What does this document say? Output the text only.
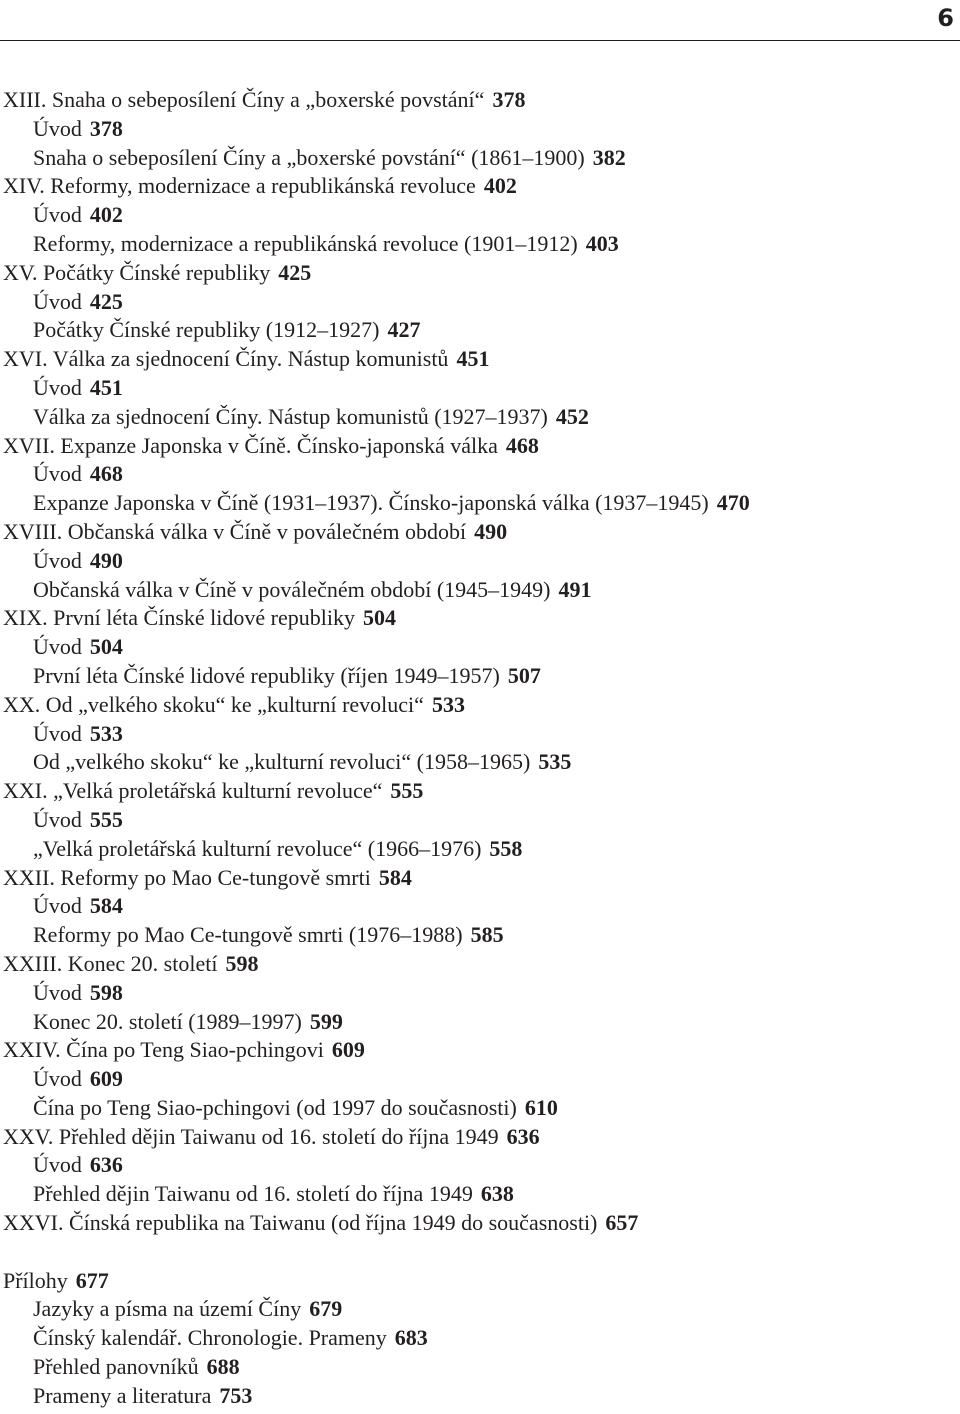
6
XIII. Snaha o sebeposílení Číny a „boxerské povstání“ 378
Úvod 378
Snaha o sebeposílení Číny a „boxerské povstání“ (1861–1900) 382
XIV. Reformy, modernizace a republikánská revoluce 402
Úvod 402
Reformy, modernizace a republikánská revoluce (1901–1912) 403
XV. Počátky Čínské republiky 425
Úvod 425
Počátky Čínské republiky (1912–1927) 427
XVI. Válka za sjednocení Číny. Nástup komunistů 451
Úvod 451
Válka za sjednocení Číny. Nástup komunistů (1927–1937) 452
XVII. Expanze Japonska v Číně. Čínsko-japonská válka 468
Úvod 468
Expanze Japonska v Číně (1931–1937). Čínsko-japonská válka (1937–1945) 470
XVIII. Občanská válka v Číně v poválečném období 490
Úvod 490
Občanská válka v Číně v poválečném období (1945–1949) 491
XIX. První léta Čínské lidové republiky 504
Úvod 504
První léta Čínské lidové republiky (říjen 1949–1957) 507
XX. Od „velkého skoku“ ke „kulturní revoluci“ 533
Úvod 533
Od „velkého skoku“ ke „kulturní revoluci“ (1958–1965) 535
XXI. „Velká proletářská kulturní revoluce“ 555
Úvod 555
„Velká proletářská kulturní revoluce“ (1966–1976) 558
XXII. Reformy po Mao Ce-tungově smrti 584
Úvod 584
Reformy po Mao Ce-tungově smrti (1976–1988) 585
XXIII. Konec 20. století 598
Úvod 598
Konec 20. století (1989–1997) 599
XXIV. Čína po Teng Siao-pchingovi 609
Úvod 609
Čína po Teng Siao-pchingovi (od 1997 do současnosti) 610
XXV. Přehled dějin Taiwanu od 16. století do října 1949 636
Úvod 636
Přehled dějin Taiwanu od 16. století do října 1949 638
XXVI. Čínská republika na Taiwanu (od října 1949 do současnosti) 657
Přílohy 677
Jazyky a písma na území Číny 679
Čínský kalendář. Chronologie. Prameny 683
Přehled panovníků 688
Prameny a literatura 753
